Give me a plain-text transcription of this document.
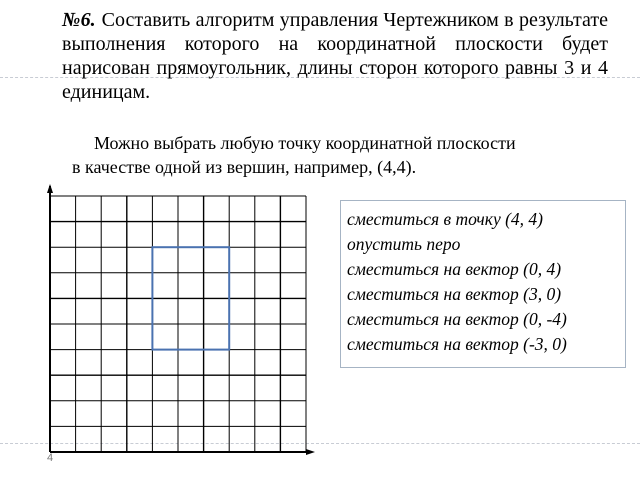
№6. Составить алгоритм управления Чертежником в результате выполнения которого на координатной плоскости будет нарисован прямоугольник, длины сторон которого равны 3 и 4 единицам.

Можно выбрать любую точку координатной плоскости
в качестве одной из вершин, например, (4,4).

сместиться в точку (4, 4)
опустить перо
сместиться на вектор (0, 4)
сместиться на вектор (3, 0)
сместиться на вектор (0, -4)
сместиться на вектор (-3, 0)
4
